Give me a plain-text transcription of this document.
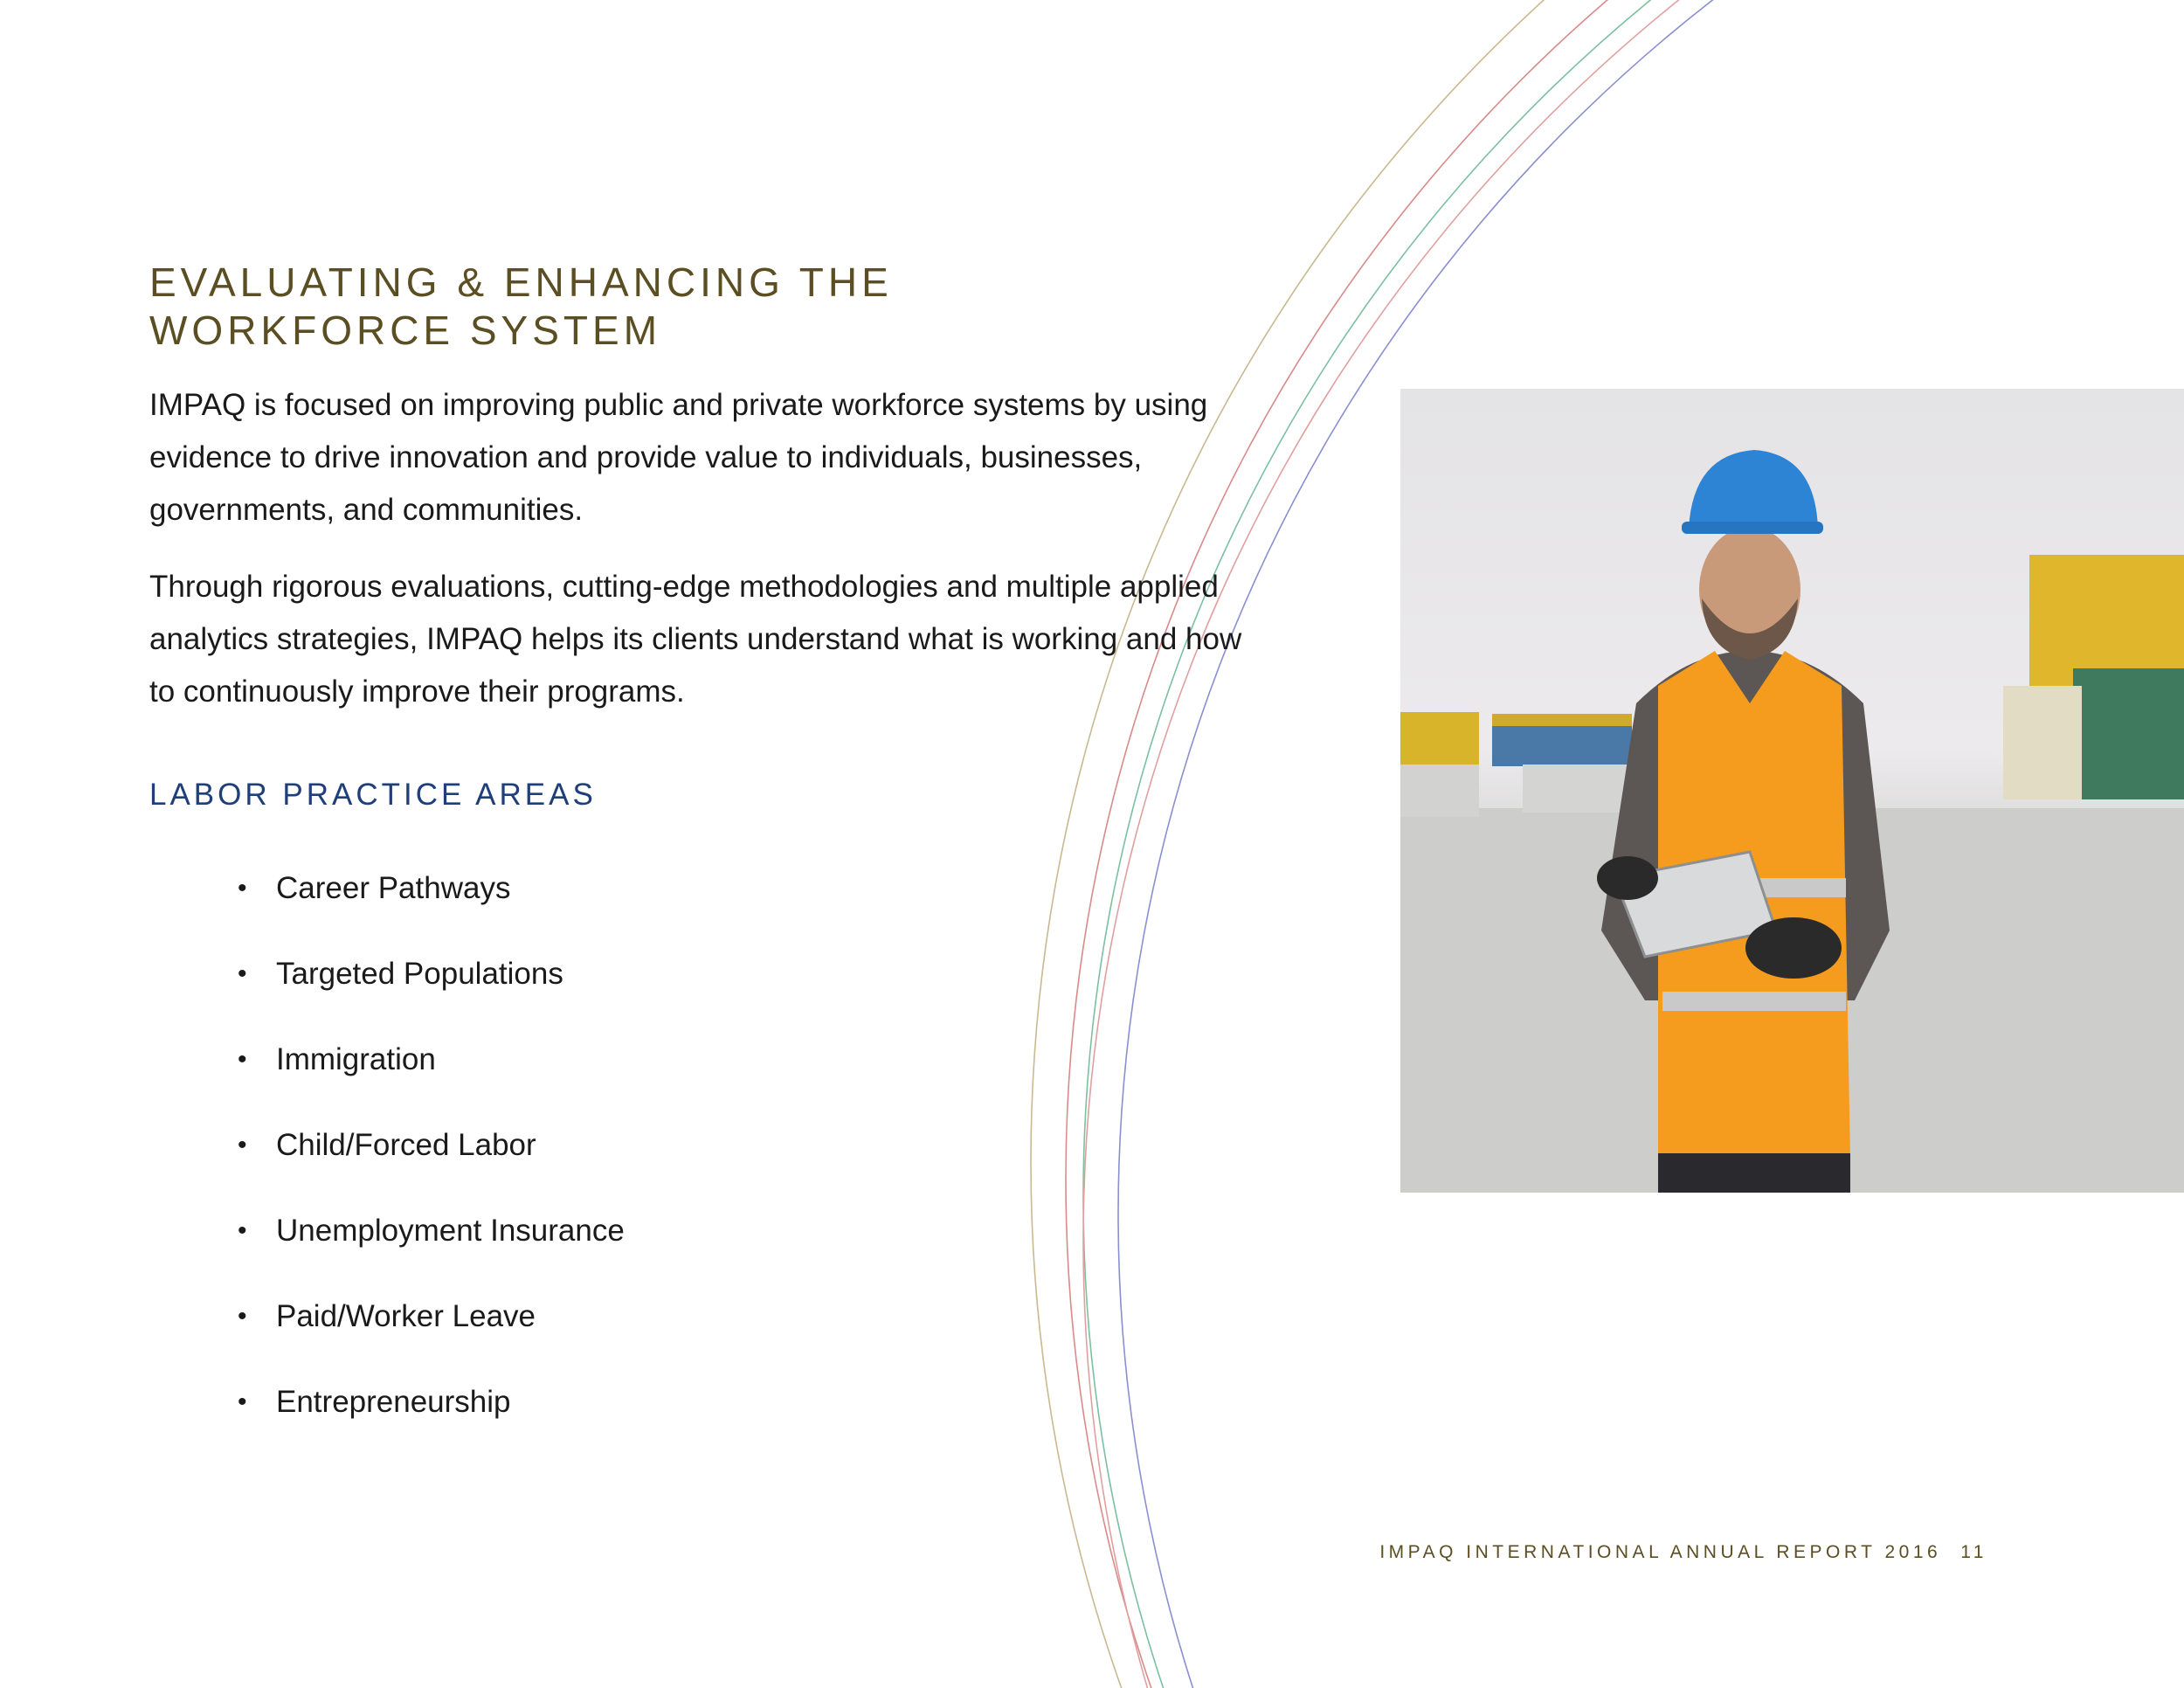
EVALUATING & ENHANCING THE
WORKFORCE SYSTEM

IMPAQ is focused on improving public and private workforce systems by using evidence to drive innovation and provide value to individuals, businesses, governments, and communities.

Through rigorous evaluations, cutting-edge methodologies and multiple applied analytics strategies, IMPAQ helps its clients understand what is working and how to continuously improve their programs.

LABOR PRACTICE AREAS
• Career Pathways
• Targeted Populations
• Immigration
• Child/Forced Labor
• Unemployment Insurance
• Paid/Worker Leave
• Entrepreneurship
IMPAQ INTERNATIONAL ANNUAL REPORT 2016 11
